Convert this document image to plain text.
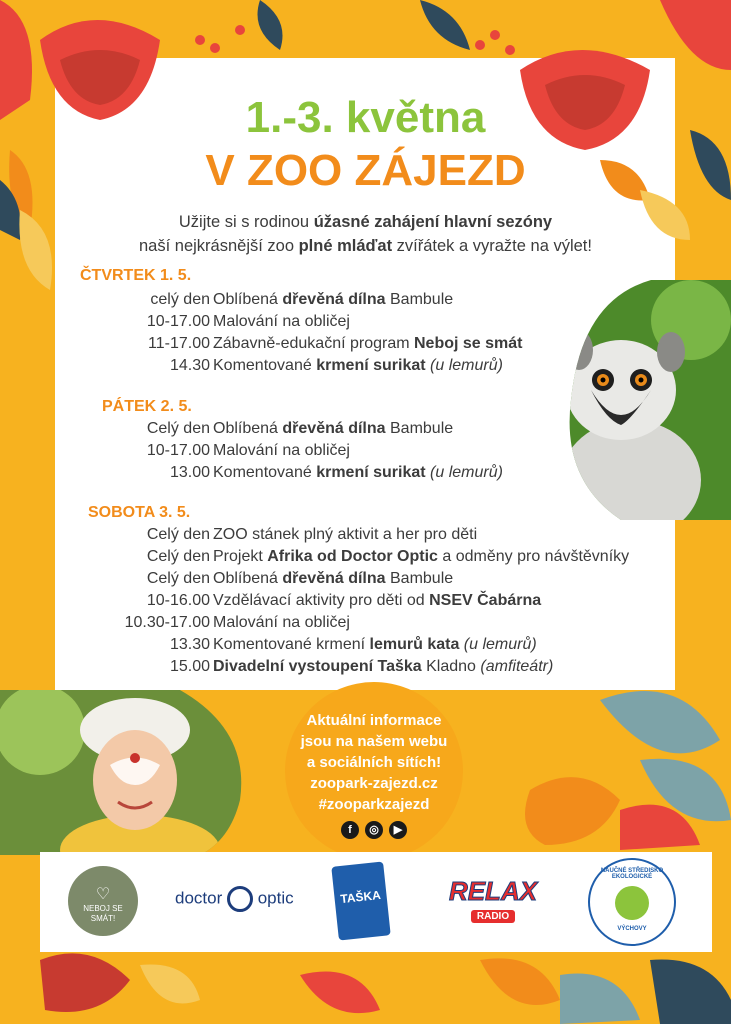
1.-3. května
V ZOO ZÁJEZD
Užijte si s rodinou úžasné zahájení hlavní sezóny
naší nejkrásnější zoo plné mláďat zvířátek a vyražte na výlet!
ČTVRTEK 1. 5.
celý den Oblíbená dřevěná dílna Bambule
10-17.00 Malování na obličej
11-17.00 Zábavně-edukační program Neboj se smát
14.30 Komentované krmení surikat (u lemurů)
PÁTEK 2. 5.
Celý den Oblíbená dřevěná dílna Bambule
10-17.00 Malování na obličej
13.00 Komentované krmení surikat (u lemurů)
SOBOTA 3. 5.
Celý den ZOO stánek plný aktivit a her pro děti
Celý den Projekt Afrika od Doctor Optic a odměny pro návštěvníky
Celý den Oblíbená dřevěná dílna Bambule
10-16.00 Vzdělávací aktivity pro děti od NSEV Čabárna
10.30-17.00 Malování na obličej
13.30 Komentované krmení lemurů kata (u lemurů)
15.00 Divadelní vystoupení Taška Kladno (amfiteátr)
Aktuální informace
jsou na našem webu
a sociálních sítích!
zoopark-zajezd.cz
#zooparkzajezd
f	◎	▶
♡
NEBOJ SE
SMÁT!
doctor optic	TAŠKA	RELAX
RADIO
NAUČNÉ STŘEDISKO EKOLOGICKÉ
VÝCHOVY
